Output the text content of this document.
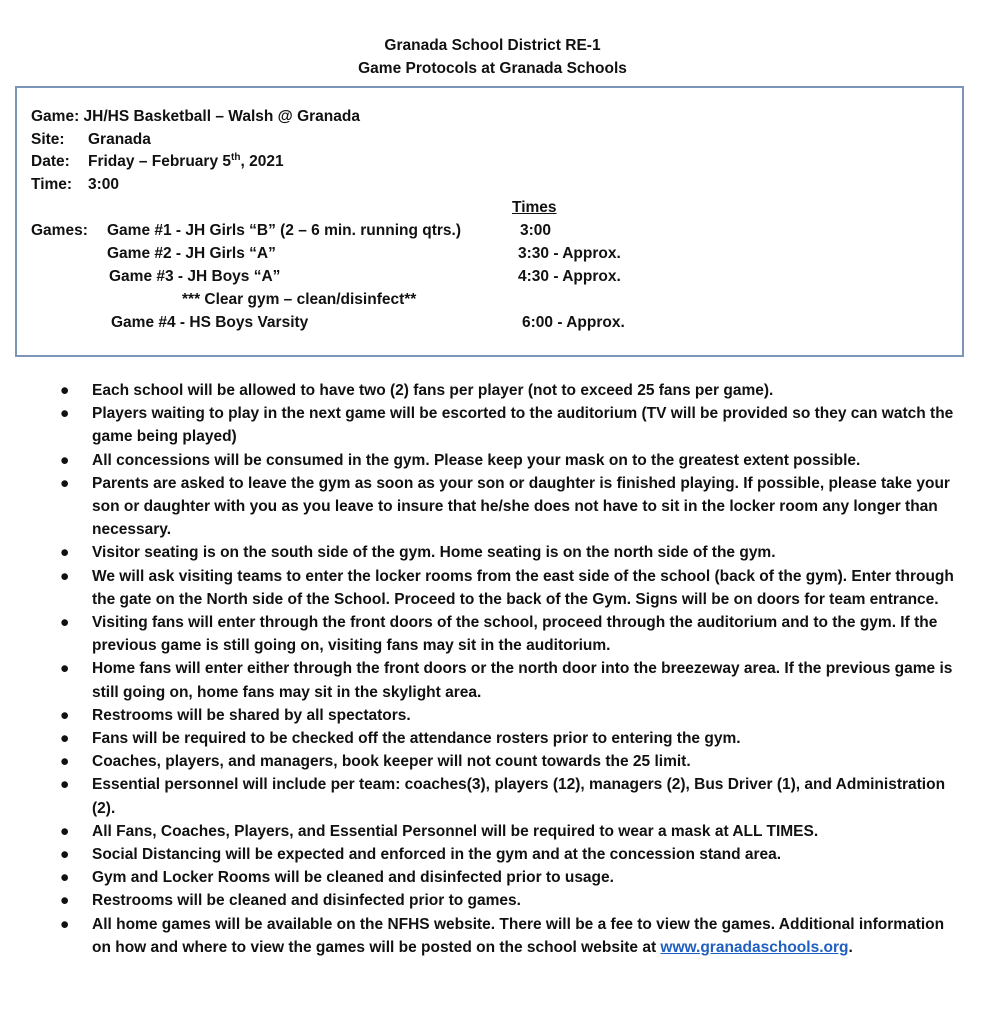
Granada School District RE-1
Game Protocols at Granada Schools
Game: JH/HS Basketball – Walsh @ Granada
Site: Granada
Date: Friday – February 5th, 2021
Time: 3:00
Times
Games: Game #1 - JH Girls “B” (2 – 6 min. running qtrs.)	3:00
Game #2 - JH Girls “A”	3:30 - Approx.
Game #3 - JH Boys “A”	4:30 - Approx.
*** Clear gym – clean/disinfect**
Game #4 - HS Boys Varsity	6:00 - Approx.
● Each school will be allowed to have two (2) fans per player (not to exceed 25 fans per game).
● Players waiting to play in the next game will be escorted to the auditorium (TV will be provided so they can watch the game being played)
● All concessions will be consumed in the gym. Please keep your mask on to the greatest extent possible.
● Parents are asked to leave the gym as soon as your son or daughter is finished playing. If possible, please take your son or daughter with you as you leave to insure that he/she does not have to sit in the locker room any longer than necessary.
● Visitor seating is on the south side of the gym. Home seating is on the north side of the gym.
● We will ask visiting teams to enter the locker rooms from the east side of the school (back of the gym). Enter through the gate on the North side of the School. Proceed to the back of the Gym. Signs will be on doors for team entrance.
● Visiting fans will enter through the front doors of the school, proceed through the auditorium and to the gym. If the previous game is still going on, visiting fans may sit in the auditorium.
● Home fans will enter either through the front doors or the north door into the breezeway area. If the previous game is still going on, home fans may sit in the skylight area.
● Restrooms will be shared by all spectators.
● Fans will be required to be checked off the attendance rosters prior to entering the gym.
● Coaches, players, and managers, book keeper will not count towards the 25 limit.
● Essential personnel will include per team: coaches(3), players (12), managers (2), Bus Driver (1), and Administration (2).
● All Fans, Coaches, Players, and Essential Personnel will be required to wear a mask at ALL TIMES.
● Social Distancing will be expected and enforced in the gym and at the concession stand area.
● Gym and Locker Rooms will be cleaned and disinfected prior to usage.
● Restrooms will be cleaned and disinfected prior to games.
● All home games will be available on the NFHS website. There will be a fee to view the games. Additional information on how and where to view the games will be posted on the school website at www.granadaschools.org.
